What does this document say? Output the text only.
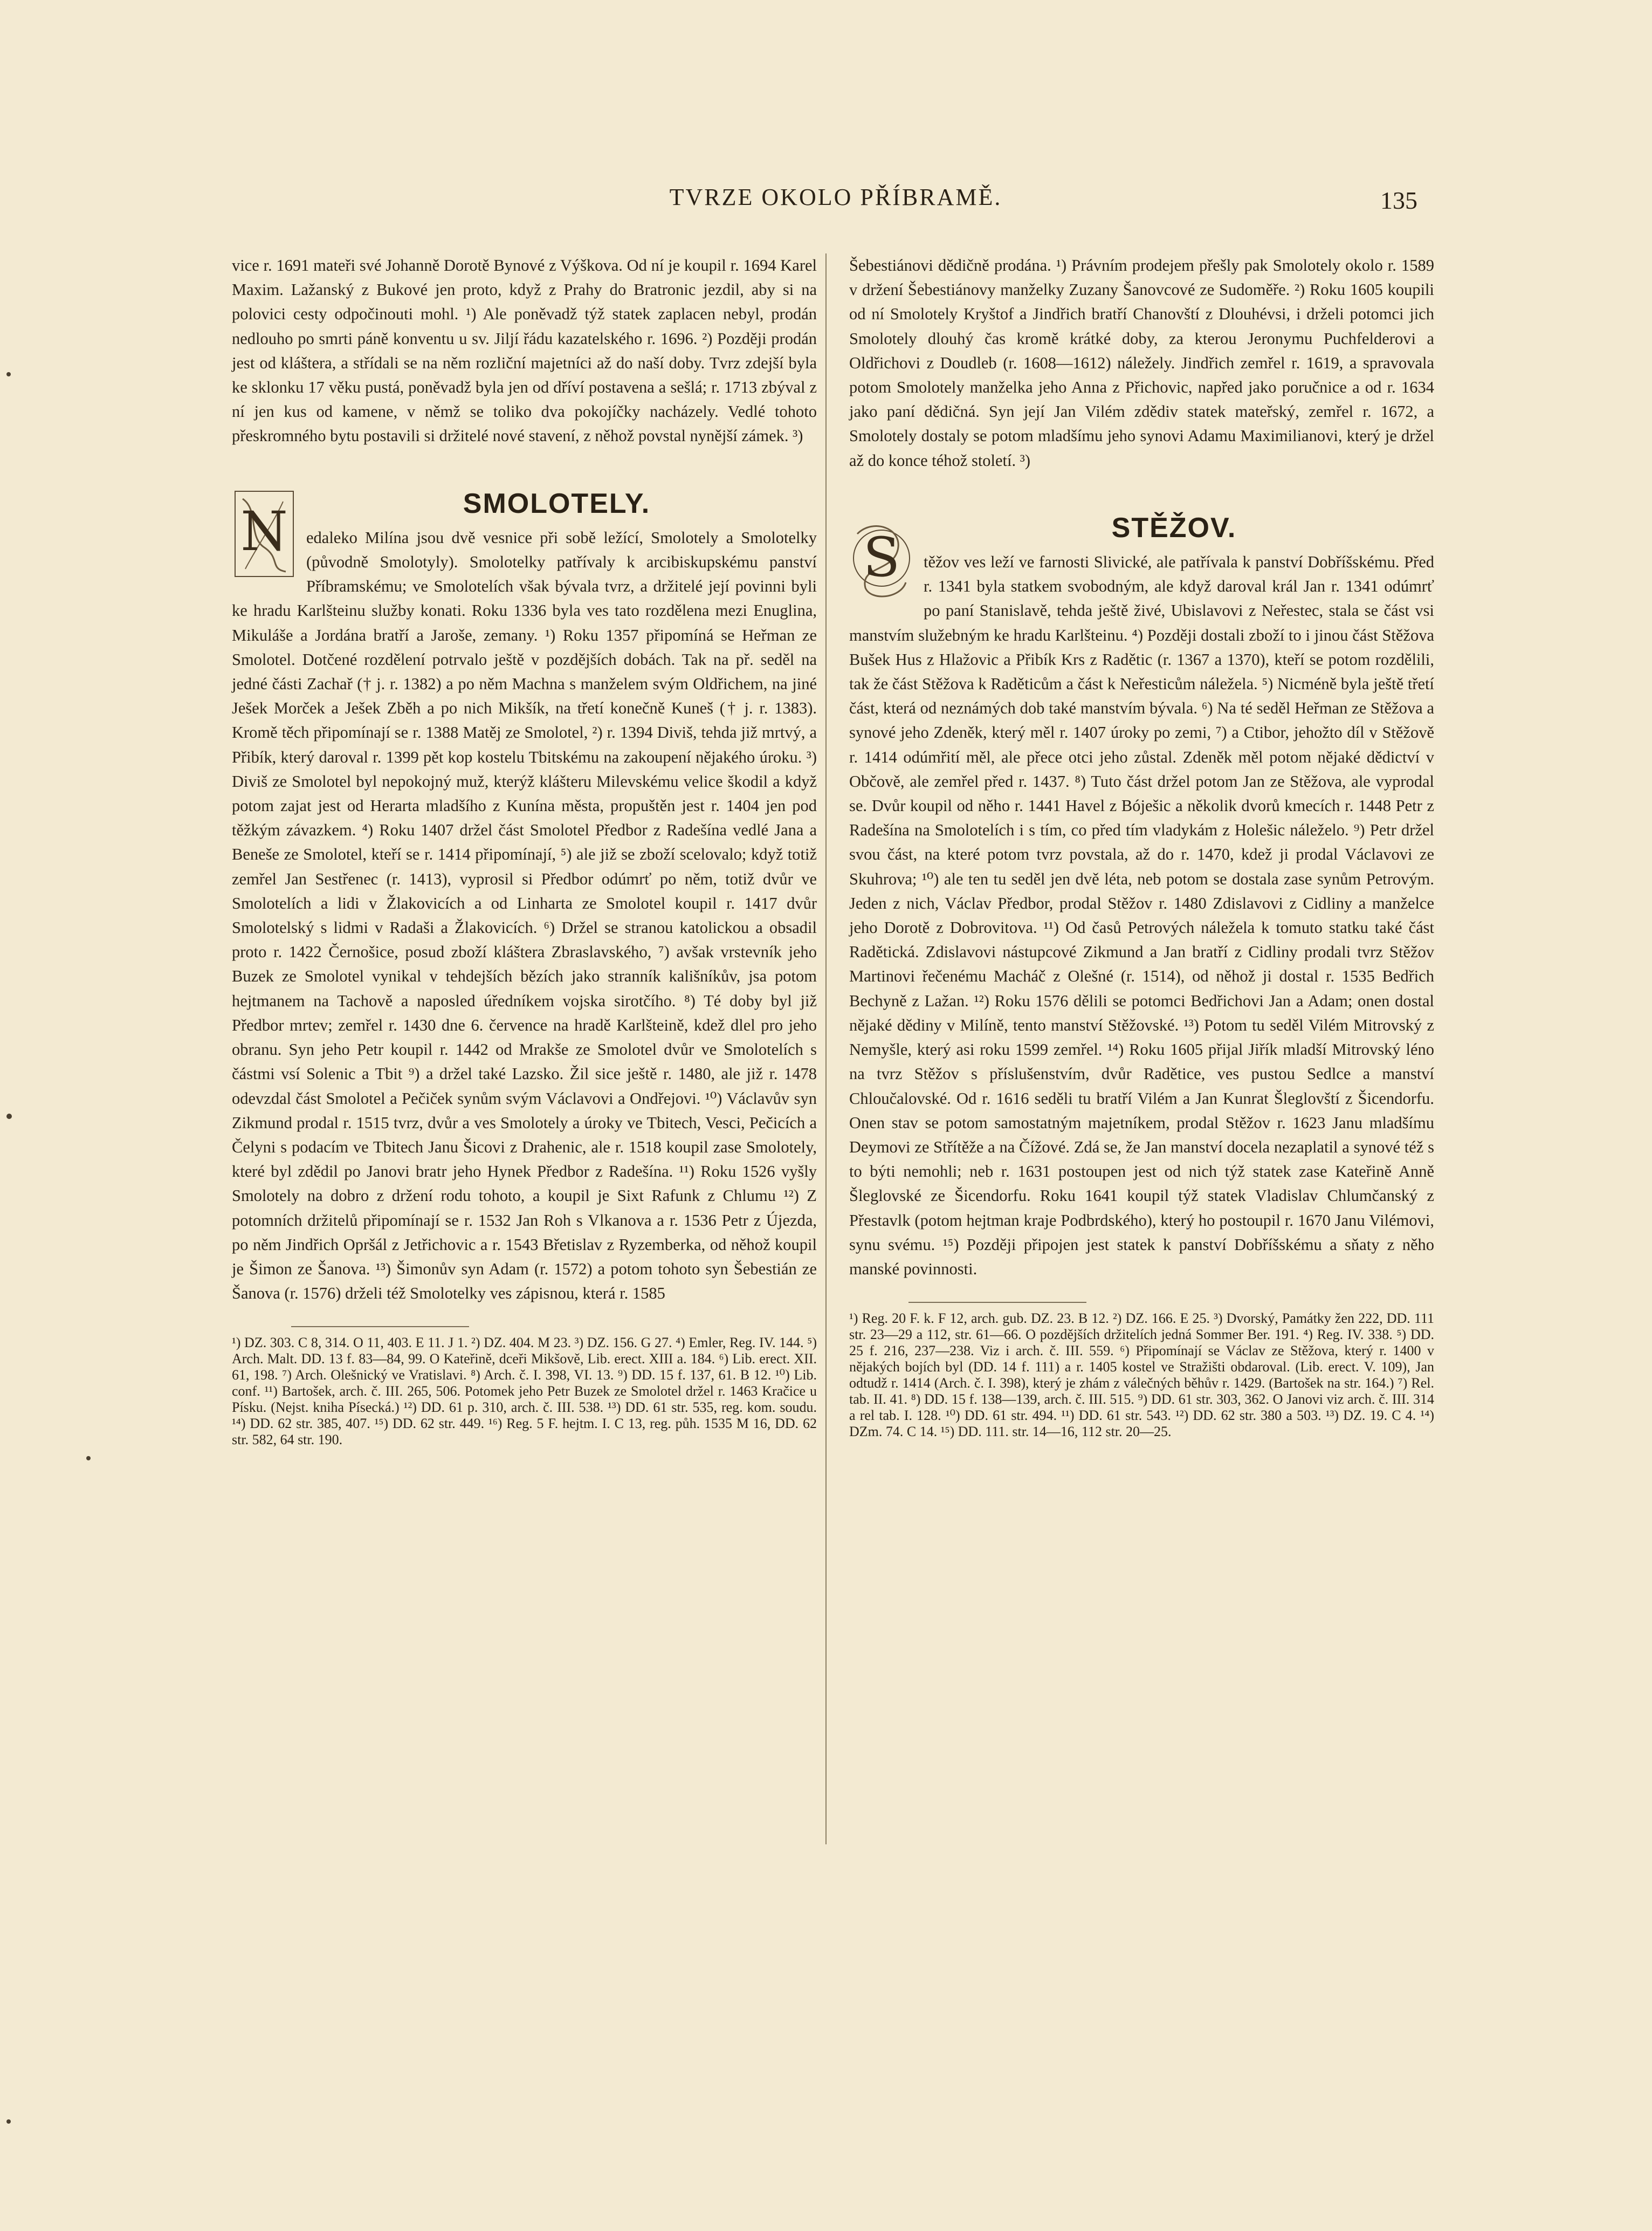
TVRZE OKOLO PŘÍBRAMĚ.	135

vice r. 1691 mateři své Johanně Dorotě Bynové z Výškova. Od ní je koupil r. 1694 Karel Maxim. Lažanský z Bukové jen proto, když z Prahy do Bratronic jezdil, aby si na polovici cesty odpočinouti mohl. ¹) Ale poněvadž týž statek zaplacen nebyl, prodán nedlouho po smrti páně konventu u sv. Jiljí řádu kazatelského r. 1696. ²) Později prodán jest od kláštera, a střídali se na něm rozliční majetníci až do naší doby. Tvrz zdejší byla ke sklonku 17 věku pustá, poněvadž byla jen od dříví postavena a sešlá; r. 1713 zbýval z ní jen kus od kamene, v němž se toliko dva pokojíčky nacházely. Vedlé tohoto přeskromného bytu postavili si držitelé nové stavení, z něhož povstal nynější zámek. ³)

SMOLOTELY.
N	edaleko Milína jsou dvě vesnice při sobě ležící, Smolotely a Smolotelky (původně Smolotyly). Smolotelky patřívaly k arcibiskupskému panství Příbramskému; ve Smolotelích však bývala tvrz, a držitelé její povinni byli ke hradu Karlšteinu služby konati. Roku 1336 byla ves tato rozdělena mezi Enuglina, Mikuláše a Jordána bratří a Jaroše, zemany. ¹) Roku 1357 připomíná se Heřman ze Smolotel. Dotčené rozdělení potrvalo ještě v pozdějších dobách. Tak na př. seděl na jedné části Zachař († j. r. 1382) a po něm Machna s manželem svým Oldřichem, na jiné Ješek Morček a Ješek Zběh a po nich Mikšík, na třetí konečně Kuneš († j. r. 1383). Kromě těch připomínají se r. 1388 Matěj ze Smolotel, ²) r. 1394 Diviš, tehda již mrtvý, a Přibík, který daroval r. 1399 pět kop kostelu Tbitskému na zakoupení nějakého úroku. ³) Diviš ze Smolotel byl nepokojný muž, kterýž klášteru Milevskému velice škodil a když potom zajat jest od Herarta mladšího z Kunína města, propuštěn jest r. 1404 jen pod těžkým závazkem. ⁴) Roku 1407 držel část Smolotel Předbor z Radešína vedlé Jana a Beneše ze Smolotel, kteří se r. 1414 připomínají, ⁵) ale již se zboží scelovalo; když totiž zemřel Jan Sestřenec (r. 1413), vyprosil si Předbor odúmrť po něm, totiž dvůr ve Smolotelích a lidi v Žlakovicích a od Linharta ze Smolotel koupil r. 1417 dvůr Smolotelský s lidmi v Radaši a Žlakovicích. ⁶) Držel se stranou katolickou a obsadil proto r. 1422 Černošice, posud zboží kláštera Zbraslavského, ⁷) avšak vrstevník jeho Buzek ze Smolotel vynikal v tehdejších bězích jako stranník kališníkův, jsa potom hejtmanem na Tachově a naposled úředníkem vojska sirotčího. ⁸) Té doby byl již Předbor mrtev; zemřel r. 1430 dne 6. července na hradě Karlšteině, kdež dlel pro jeho obranu. Syn jeho Petr koupil r. 1442 od Mrakše ze Smolotel dvůr ve Smolotelích s částmi vsí Solenic a Tbit ⁹) a držel také Lazsko. Žil sice ještě r. 1480, ale již r. 1478 odevzdal část Smolotel a Pečiček synům svým Václavovi a Ondřejovi. ¹⁰) Václavův syn Zikmund prodal r. 1515 tvrz, dvůr a ves Smolotely a úroky ve Tbitech, Vesci, Pečicích a Čelyni s podacím ve Tbitech Janu Šicovi z Drahenic, ale r. 1518 koupil zase Smolotely, které byl zdědil po Janovi bratr jeho Hynek Předbor z Radešína. ¹¹) Roku 1526 vyšly Smolotely na dobro z držení rodu tohoto, a koupil je Sixt Rafunk z Chlumu ¹²) Z potomních držitelů připomínají se r. 1532 Jan Roh s Vlkanova a r. 1536 Petr z Újezda, po něm Jindřich Opršál z Jetřichovic a r. 1543 Břetislav z Ryzemberka, od něhož koupil je Šimon ze Šanova. ¹³) Šimonův syn Adam (r. 1572) a potom tohoto syn Šebestián ze Šanova (r. 1576) drželi též Smolotelky ves zápisnou, která r. 1585

¹) DZ. 303. C 8, 314. O 11, 403. E 11. J 1. ²) DZ. 404. M 23. ³) DZ. 156. G 27. ⁴) Emler, Reg. IV. 144. ⁵) Arch. Malt. DD. 13 f. 83—84, 99. O Kateřině, dceři Mikšově, Lib. erect. XIII a. 184. ⁶) Lib. erect. XII. 61, 198. ⁷) Arch. Olešnický ve Vratislavi. ⁸) Arch. č. I. 398, VI. 13. ⁹) DD. 15 f. 137, 61. B 12. ¹⁰) Lib. conf. ¹¹) Bartošek, arch. č. III. 265, 506. Potomek jeho Petr Buzek ze Smolotel držel r. 1463 Kračice u Písku. (Nejst. kniha Písecká.) ¹²) DD. 61 p. 310, arch. č. III. 538. ¹³) DD. 61 str. 535, reg. kom. soudu. ¹⁴) DD. 62 str. 385, 407. ¹⁵) DD. 62 str. 449. ¹⁶) Reg. 5 F. hejtm. I. C 13, reg. půh. 1535 M 16, DD. 62 str. 582, 64 str. 190.

Šebestiánovi dědičně prodána. ¹) Právním prodejem přešly pak Smolotely okolo r. 1589 v držení Šebestiánovy manželky Zuzany Šanovcové ze Sudoměře. ²) Roku 1605 koupili od ní Smolotely Kryštof a Jindřich bratří Chanovští z Dlouhévsi, i drželi potomci jich Smolotely dlouhý čas kromě krátké doby, za kterou Jeronymu Puchfelderovi a Oldřichovi z Doudleb (r. 1608—1612) náležely. Jindřich zemřel r. 1619, a spravovala potom Smolotely manželka jeho Anna z Přichovic, napřed jako poručnice a od r. 1634 jako paní dědičná. Syn její Jan Vilém zdědiv statek mateřský, zemřel r. 1672, a Smolotely dostaly se potom mladšímu jeho synovi Adamu Maximilianovi, který je držel až do konce téhož století. ³)

STĚŽOV.
S	těžov ves leží ve farnosti Slivické, ale patřívala k panství Dobříšskému. Před r. 1341 byla statkem svobodným, ale když daroval král Jan r. 1341 odúmrť po paní Stanislavě, tehda ještě živé, Ubislavovi z Neřestec, stala se část vsi manstvím služebným ke hradu Karlšteinu. ⁴) Později dostali zboží to i jinou část Stěžova Bušek Hus z Hlažovic a Přibík Krs z Radětic (r. 1367 a 1370), kteří se potom rozdělili, tak že část Stěžova k Raděticům a část k Neřesticům náležela. ⁵) Nicméně byla ještě třetí část, která od neznámých dob také manstvím bývala. ⁶) Na té seděl Heřman ze Stěžova a synové jeho Zdeněk, který měl r. 1407 úroky po zemi, ⁷) a Ctibor, jehožto díl v Stěžově r. 1414 odúmřití měl, ale přece otci jeho zůstal. Zdeněk měl potom nějaké dědictví v Občově, ale zemřel před r. 1437. ⁸) Tuto část držel potom Jan ze Stěžova, ale vyprodal se. Dvůr koupil od něho r. 1441 Havel z Bóješic a několik dvorů kmecích r. 1448 Petr z Radešína na Smolotelích i s tím, co před tím vladykám z Holešic náleželo. ⁹) Petr držel svou část, na které potom tvrz povstala, až do r. 1470, kdež ji prodal Václavovi ze Skuhrova; ¹⁰) ale ten tu seděl jen dvě léta, neb potom se dostala zase synům Petrovým. Jeden z nich, Václav Předbor, prodal Stěžov r. 1480 Zdislavovi z Cidliny a manželce jeho Dorotě z Dobrovitova. ¹¹) Od časů Petrových náležela k tomuto statku také část Radětická. Zdislavovi nástupcové Zikmund a Jan bratří z Cidliny prodali tvrz Stěžov Martinovi řečenému Macháč z Olešné (r. 1514), od něhož ji dostal r. 1535 Bedřich Bechyně z Lažan. ¹²) Roku 1576 dělili se potomci Bedřichovi Jan a Adam; onen dostal nějaké dědiny v Milíně, tento manství Stěžovské. ¹³) Potom tu seděl Vilém Mitrovský z Nemyšle, který asi roku 1599 zemřel. ¹⁴) Roku 1605 přijal Jiřík mladší Mitrovský léno na tvrz Stěžov s příslušenstvím, dvůr Radětice, ves pustou Sedlce a manství Chloučalovské. Od r. 1616 seděli tu bratří Vilém a Jan Kunrat Šleglovští z Šicendorfu. Onen stav se potom samostatným majetníkem, prodal Stěžov r. 1623 Janu mladšímu Deymovi ze Střítěže a na Čížové. Zdá se, že Jan manství docela nezaplatil a synové též s to býti nemohli; neb r. 1631 postoupen jest od nich týž statek zase Kateřině Anně Šleglovské ze Šicendorfu. Roku 1641 koupil týž statek Vladislav Chlumčanský z Přestavlk (potom hejtman kraje Podbrdského), který ho postoupil r. 1670 Janu Vilémovi, synu svému. ¹⁵) Později připojen jest statek k panství Dobříšskému a sňaty z něho manské povinnosti.

¹) Reg. 20 F. k. F 12, arch. gub. DZ. 23. B 12. ²) DZ. 166. E 25. ³) Dvorský, Památky žen 222, DD. 111 str. 23—29 a 112, str. 61—66. O pozdějších držitelích jedná Sommer Ber. 191. ⁴) Reg. IV. 338. ⁵) DD. 25 f. 216, 237—238. Viz i arch. č. III. 559. ⁶) Připomínají se Václav ze Stěžova, který r. 1400 v nějakých bojích byl (DD. 14 f. 111) a r. 1405 kostel ve Stražišti obdaroval. (Lib. erect. V. 109), Jan odtudž r. 1414 (Arch. č. I. 398), který je zhám z válečných běhův r. 1429. (Bartošek na str. 164.) ⁷) Rel. tab. II. 41. ⁸) DD. 15 f. 138—139, arch. č. III. 515. ⁹) DD. 61 str. 303, 362. O Janovi viz arch. č. III. 314 a rel tab. I. 128. ¹⁰) DD. 61 str. 494. ¹¹) DD. 61 str. 543. ¹²) DD. 62 str. 380 a 503. ¹³) DZ. 19. C 4. ¹⁴) DZm. 74. C 14. ¹⁵) DD. 111. str. 14—16, 112 str. 20—25.
